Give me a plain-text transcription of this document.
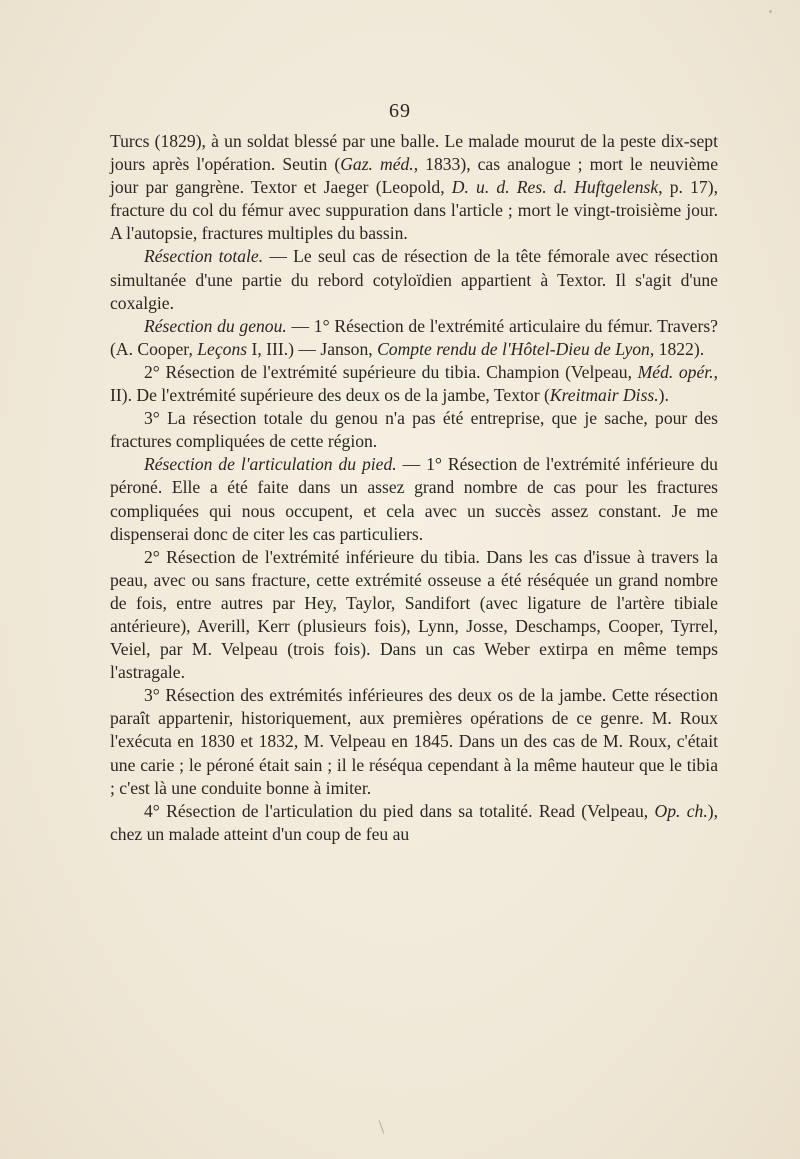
69

Turcs (1829), à un soldat blessé par une balle. Le malade mourut de la peste dix-sept jours après l'opération. Seutin (Gaz. méd., 1833), cas analogue ; mort le neuvième jour par gangrène. Textor et Jaeger (Leopold, D. u. d. Res. d. Huftgelensk, p. 17), fracture du col du fémur avec suppuration dans l'article ; mort le vingt-troisième jour. A l'autopsie, fractures multiples du bassin.

Résection totale. — Le seul cas de résection de la tête fémorale avec résection simultanée d'une partie du rebord cotyloïdien appartient à Textor. Il s'agit d'une coxalgie.

Résection du genou. — 1° Résection de l'extrémité articulaire du fémur. Travers? (A. Cooper, Leçons I, III.) — Janson, Compte rendu de l'Hôtel-Dieu de Lyon, 1822).

2° Résection de l'extrémité supérieure du tibia. Champion (Velpeau, Méd. opér., II). De l'extrémité supérieure des deux os de la jambe, Textor (Kreitmair Diss.).

3° La résection totale du genou n'a pas été entreprise, que je sache, pour des fractures compliquées de cette région.

Résection de l'articulation du pied. — 1° Résection de l'extrémité inférieure du péroné. Elle a été faite dans un assez grand nombre de cas pour les fractures compliquées qui nous occupent, et cela avec un succès assez constant. Je me dispenserai donc de citer les cas particuliers.

2° Résection de l'extrémité inférieure du tibia. Dans les cas d'issue à travers la peau, avec ou sans fracture, cette extrémité osseuse a été réséquée un grand nombre de fois, entre autres par Hey, Taylor, Sandifort (avec ligature de l'artère tibiale antérieure), Averill, Kerr (plusieurs fois), Lynn, Josse, Deschamps, Cooper, Tyrrel, Veiel, par M. Velpeau (trois fois). Dans un cas Weber extirpa en même temps l'astragale.

3° Résection des extrémités inférieures des deux os de la jambe. Cette résection paraît appartenir, historiquement, aux premières opérations de ce genre. M. Roux l'exécuta en 1830 et 1832, M. Velpeau en 1845. Dans un des cas de M. Roux, c'était une carie ; le péroné était sain ; il le réséqua cependant à la même hauteur que le tibia ; c'est là une conduite bonne à imiter.

4° Résection de l'articulation du pied dans sa totalité. Read (Velpeau, Op. ch.), chez un malade atteint d'un coup de feu au
